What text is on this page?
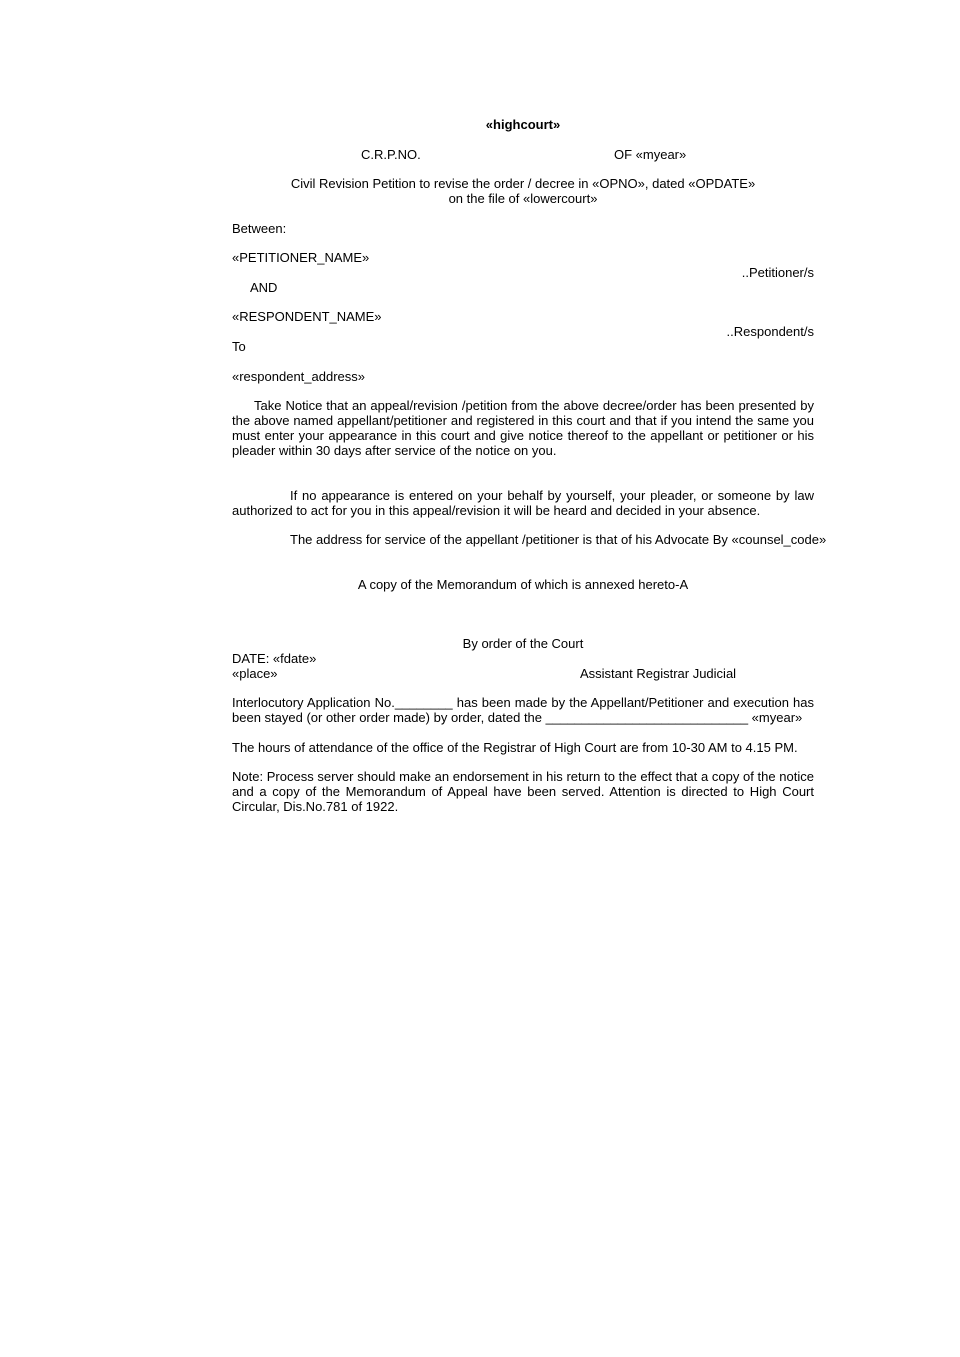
«highcourt»
C.R.P.NO.	OF «myear»
Civil Revision Petition to revise the order / decree in «OPNO», dated «OPDATE»
on the file of «lowercourt»
Between:
«PETITIONER_NAME»
..Petitioner/s
AND
«RESPONDENT_NAME»
..Respondent/s
To
«respondent_address»
Take Notice that an appeal/revision /petition from the above decree/order has been presented by the above named appellant/petitioner and registered in this court and that if you intend the same you must enter your appearance in this court and give notice thereof to the appellant or petitioner or his pleader within 30 days after service of the notice on you.
If no appearance is entered on your behalf by yourself, your pleader, or someone by law authorized to act for you in this appeal/revision it will be heard and decided in your absence.
The address for service of the appellant /petitioner is that of his Advocate By «counsel_code»
A copy of the Memorandum of which is annexed hereto-A
By order of the Court
DATE: «fdate»
«place»	Assistant Registrar Judicial
Interlocutory Application No.________ has been made by the Appellant/Petitioner and execution has been stayed (or other order made) by order, dated the ____________________________ «myear»
The hours of attendance of the office of the Registrar of High Court are from 10-30 AM to 4.15 PM.
Note: Process server should make an endorsement in his return to the effect that a copy of the notice and a copy of the Memorandum of Appeal have been served. Attention is directed to High Court Circular, Dis.No.781 of 1922.
